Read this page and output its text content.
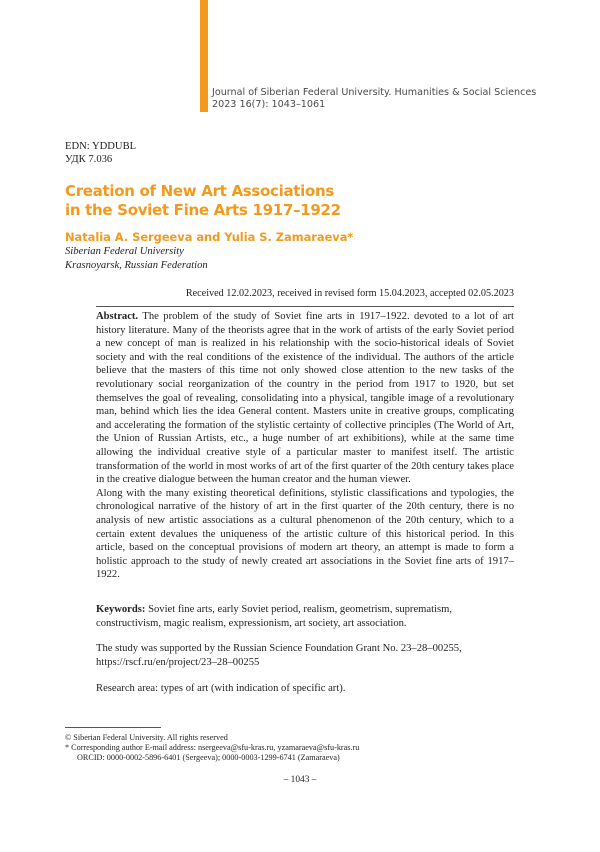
Journal of Siberian Federal University. Humanities & Social Sciences
2023 16(7): 1043–1061
EDN: YDDUBL
УДК 7.036
Creation of New Art Associations
in the Soviet Fine Arts 1917–1922
Natalia A. Sergeeva and Yulia S. Zamaraeva*
Siberian Federal University
Krasnoyarsk, Russian Federation
Received 12.02.2023, received in revised form 15.04.2023, accepted 02.05.2023

Abstract. The problem of the study of Soviet fine arts in 1917–1922. devoted to a lot of art history literature. Many of the theorists agree that in the work of artists of the early Soviet period a new concept of man is realized in his relationship with the socio-historical ideals of Soviet society and with the real conditions of the existence of the individual. The authors of the article believe that the masters of this time not only showed close attention to the new tasks of the revolutionary social reorganization of the country in the period from 1917 to 1920, but set themselves the goal of revealing, consolidating into a physical, tangible image of a revolutionary man, behind which lies the idea General content. Masters unite in creative groups, complicating and accelerating the formation of the stylistic certainty of collective principles (The World of Art, the Union of Russian Artists, etc., a huge number of art exhibitions), while at the same time allowing the individual creative style of a particular master to manifest itself. The artistic transformation of the world in most works of art of the first quarter of the 20th century takes place in the creative dialogue between the human creator and the human viewer.

Along with the many existing theoretical definitions, stylistic classifications and typologies, the chronological narrative of the history of art in the first quarter of the 20th century, there is no analysis of new artistic associations as a cultural phenomenon of the 20th century, which to a certain extent devalues the uniqueness of the artistic culture of this historical period. In this article, based on the conceptual provisions of modern art theory, an attempt is made to form a holistic approach to the study of newly created art associations in the Soviet fine arts of 1917–1922.

Keywords: Soviet fine arts, early Soviet period, realism, geometrism, suprematism, constructivism, magic realism, expressionism, art society, art association.
The study was supported by the Russian Science Foundation Grant No. 23–28–00255,
https://rscf.ru/en/project/23–28–00255
Research area: types of art (with indication of specific art).
© Siberian Federal University. All rights reserved
* Corresponding author E-mail address: nsergeeva@sfu-kras.ru, yzamaraeva@sfu-kras.ru
ORCID: 0000-0002-5896-6401 (Sergeeva); 0000-0003-1299-6741 (Zamaraeva)
– 1043 –
